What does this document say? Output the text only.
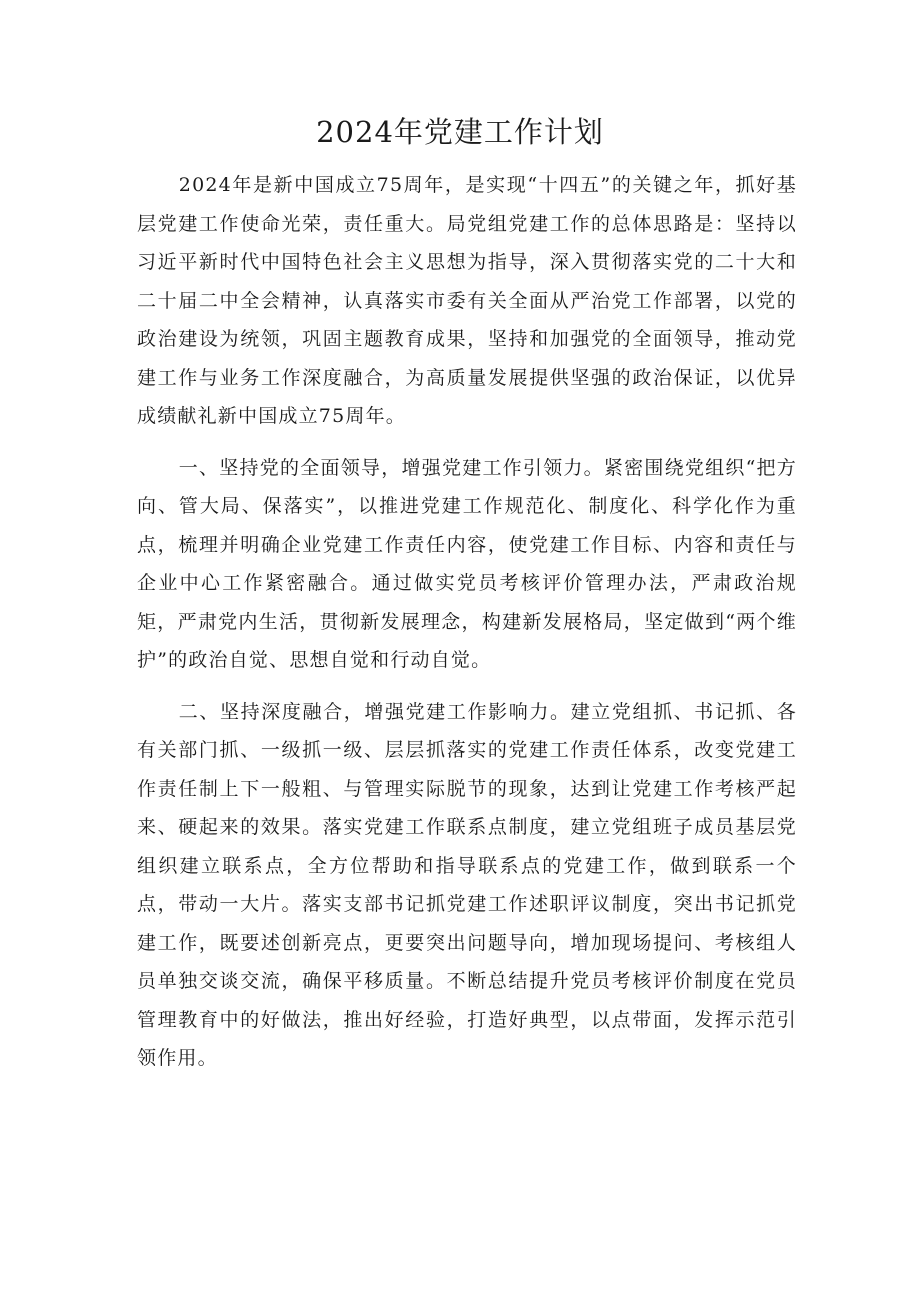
2024年党建工作计划

2024年是新中国成立75周年，是实现“十四五”的关键之年，抓好基层党建工作使命光荣，责任重大。局党组党建工作的总体思路是：坚持以习近平新时代中国特色社会主义思想为指导，深入贯彻落实党的二十大和二十届二中全会精神，认真落实市委有关全面从严治党工作部署，以党的政治建设为统领，巩固主题教育成果，坚持和加强党的全面领导，推动党建工作与业务工作深度融合，为高质量发展提供坚强的政治保证，以优异成绩献礼新中国成立75周年。

一、坚持党的全面领导，增强党建工作引领力。紧密围绕党组织“把方向、管大局、保落实”，以推进党建工作规范化、制度化、科学化作为重点，梳理并明确企业党建工作责任内容，使党建工作目标、内容和责任与企业中心工作紧密融合。通过做实党员考核评价管理办法，严肃政治规矩，严肃党内生活，贯彻新发展理念，构建新发展格局，坚定做到“两个维护”的政治自觉、思想自觉和行动自觉。

二、坚持深度融合，增强党建工作影响力。建立党组抓、书记抓、各有关部门抓、一级抓一级、层层抓落实的党建工作责任体系，改变党建工作责任制上下一般粗、与管理实际脱节的现象，达到让党建工作考核严起来、硬起来的效果。落实党建工作联系点制度，建立党组班子成员基层党组织建立联系点，全方位帮助和指导联系点的党建工作，做到联系一个点，带动一大片。落实支部书记抓党建工作述职评议制度，突出书记抓党建工作，既要述创新亮点，更要突出问题导向，增加现场提问、考核组人员单独交谈交流，确保平移质量。不断总结提升党员考核评价制度在党员管理教育中的好做法，推出好经验，打造好典型，以点带面，发挥示范引领作用。
